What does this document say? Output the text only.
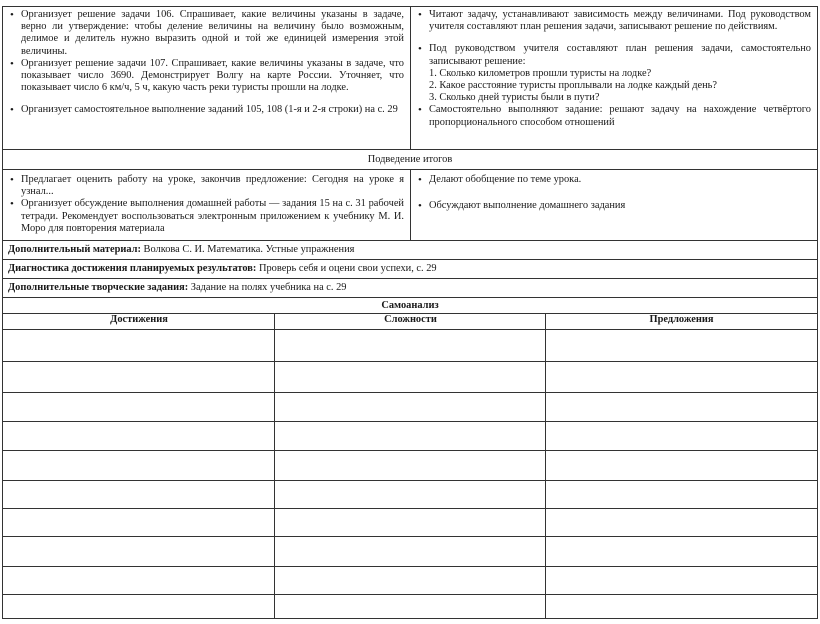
• Организует решение задачи 106. Спрашивает, какие величины указаны в задаче, верно ли утверждение: чтобы деление величины на величину было возможным, делимое и делитель нужно выразить одной и той же единицей измерения этой величины.
• Организует решение задачи 107. Спрашивает, какие величины указаны в задаче, что показывает число 3690. Демонстрирует Волгу на карте России. Уточняет, что показывает число 6 км/ч, 5 ч, какую часть реки туристы прошли на лодке.
• Организует самостоятельное выполнение заданий 105, 108 (1-я и 2-я строки) на с. 29
• Читают задачу, устанавливают зависимость между величинами. Под руководством учителя составляют план решения задачи, записывают решение по действиям.
• Под руководством учителя составляют план решения задачи, самостоятельно записывают решение:
1. Сколько километров прошли туристы на лодке?
2. Какое расстояние туристы проплывали на лодке каждый день?
3. Сколько дней туристы были в пути?
• Самостоятельно выполняют задание: решают задачу на нахождение четвёртого пропорционального способом отношений
Подведение итогов
• Предлагает оценить работу на уроке, закончив предложение: Сегодня на уроке я узнал...
• Организует обсуждение выполнения домашней работы — задания 15 на с. 31 рабочей тетради. Рекомендует воспользоваться электронным приложением к учебнику М. И. Моро для повторения материала
• Делают обобщение по теме урока.
• Обсуждают выполнение домашнего задания
Дополнительный материал: Волкова С. И. Математика. Устные упражнения
Диагностика достижения планируемых результатов: Проверь себя и оцени свои успехи, с. 29
Дополнительные творческие задания: Задание на полях учебника на с. 29
Самоанализ
Достижения	Сложности	Предложения
